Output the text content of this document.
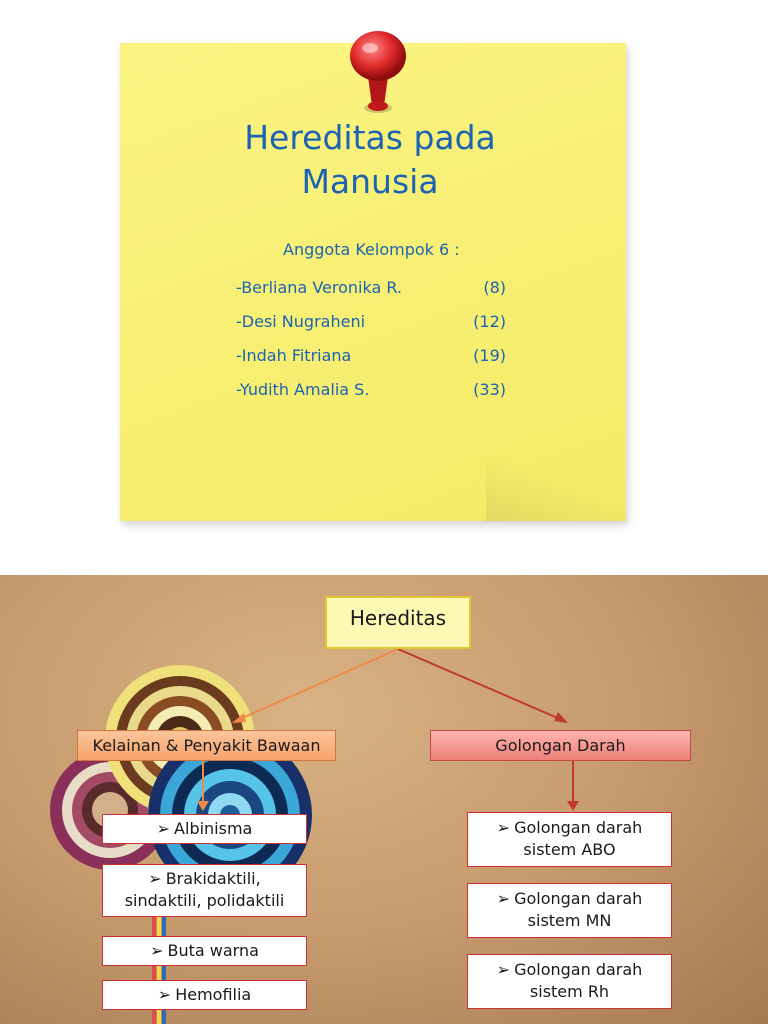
Hereditas pada
Manusia
Anggota Kelompok 6 :
-Berliana Veronika R.	(8)
-Desi Nugraheni	(12)
-Indah Fitriana	(19)
-Yudith Amalia S.	(33)
Hereditas
Kelainan & Penyakit Bawaan	Golongan Darah
➢ Albinisma
➢ Brakidaktili,
sindaktili, polidaktili
➢ Buta warna
➢ Hemofilia
➢ Golongan darah
sistem ABO
➢ Golongan darah
sistem MN
➢ Golongan darah
sistem Rh
